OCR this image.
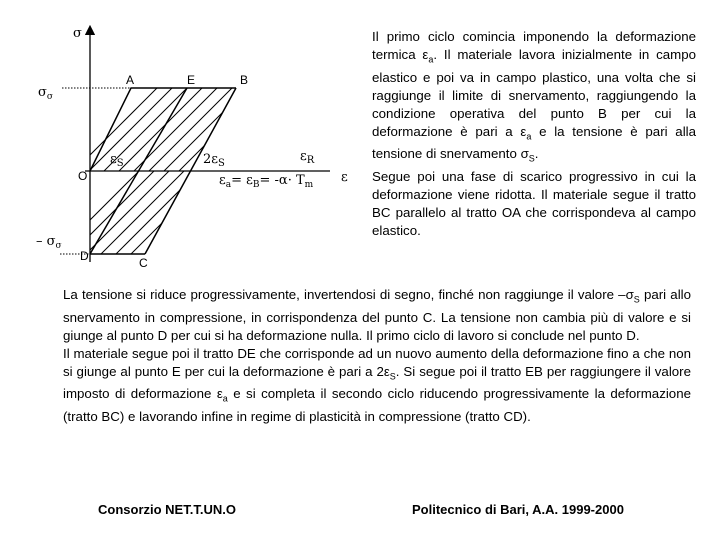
σ
$\sigma_\sigma$
– $\sigma_\sigma$
O
A	E	B
C
D
$\varepsilon_S$	$2\varepsilon_S$	$\varepsilon_R$
ε
$\varepsilon_a= \varepsilon_B= -\alpha\cdot T_m$

Il primo ciclo comincia imponendo la deformazione termica $\varepsilon_a$. Il materiale lavora inizialmente in campo elastico e poi va in campo plastico, una volta che si raggiunge il limite di snervamento, raggiungendo la condizione operativa del punto B per cui la deformazione è pari a $\varepsilon_a$ e la tensione è pari alla tensione di snervamento $\sigma_S$.
Segue poi una fase di scarico progressivo in cui la deformazione viene ridotta. Il materiale segue il tratto BC parallelo al tratto OA che corrispondeva al campo elastico.

La tensione si riduce progressivamente, invertendosi di segno, finché non raggiunge il valore $-\sigma_S$ pari allo snervamento in compressione, in corrispondenza del punto C. La tensione non cambia più di valore e si giunge al punto D per cui si ha deformazione nulla. Il primo ciclo di lavoro si conclude nel punto D.
Il materiale segue poi il tratto DE che corrisponde ad un nuovo aumento della deformazione fino a che non si giunge al punto E per cui la deformazione è pari a $2\varepsilon_S$. Si segue poi il tratto EB per raggiungere il valore imposto di deformazione $\varepsilon_a$ e si completa il secondo ciclo riducendo progressivamente la deformazione (tratto BC) e lavorando infine in regime di plasticità in compressione (tratto CD).

Consorzio NET.T.UN.O	Politecnico di Bari, A.A. 1999-2000
